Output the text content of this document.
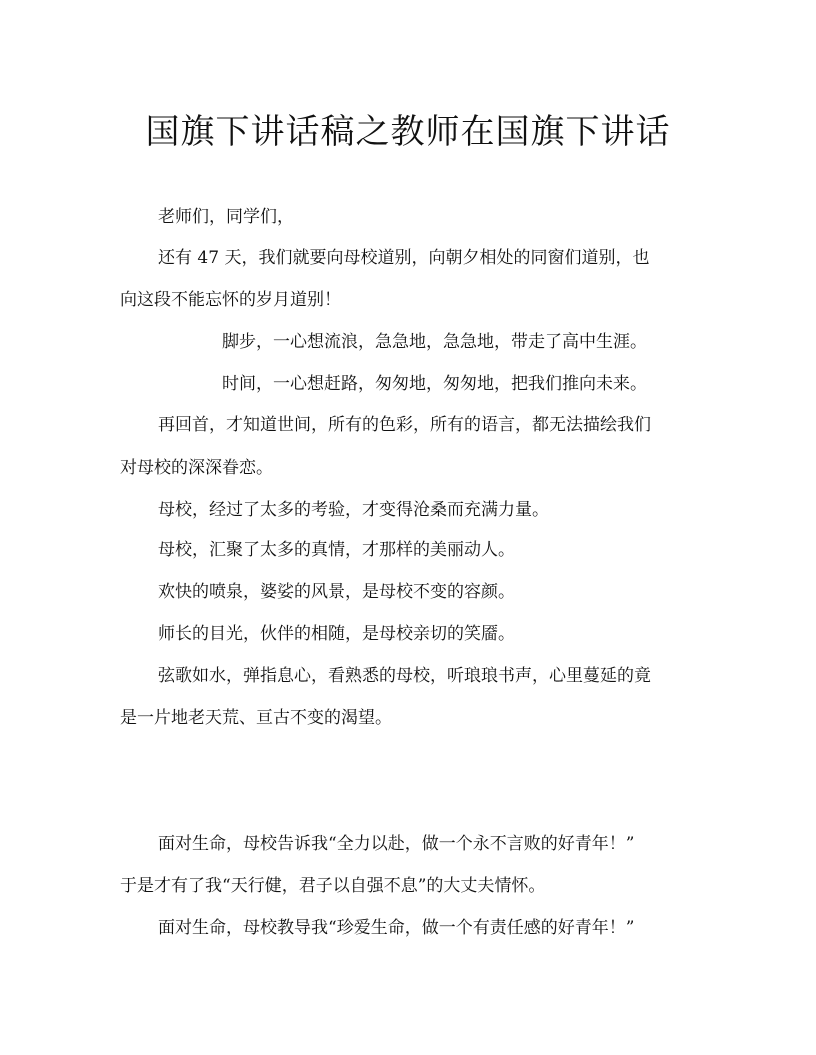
国旗下讲话稿之教师在国旗下讲话
老师们，同学们，
还有 47 天，我们就要向母校道别，向朝夕相处的同窗们道别，也
向这段不能忘怀的岁月道别！
脚步，一心想流浪，急急地，急急地，带走了高中生涯。
时间，一心想赶路，匆匆地，匆匆地，把我们推向未来。
再回首，才知道世间，所有的色彩，所有的语言，都无法描绘我们
对母校的深深眷恋。
母校，经过了太多的考验，才变得沧桑而充满力量。
母校，汇聚了太多的真情，才那样的美丽动人。
欢快的喷泉，婆娑的风景，是母校不变的容颜。
师长的目光，伙伴的相随，是母校亲切的笑靥。
弦歌如水，弹指息心，看熟悉的母校，听琅琅书声，心里蔓延的竟
是一片地老天荒、亘古不变的渴望。
面对生命，母校告诉我“全力以赴，做一个永不言败的好青年！”
于是才有了我“天行健，君子以自强不息”的大丈夫情怀。
面对生命，母校教导我“珍爱生命，做一个有责任感的好青年！”
